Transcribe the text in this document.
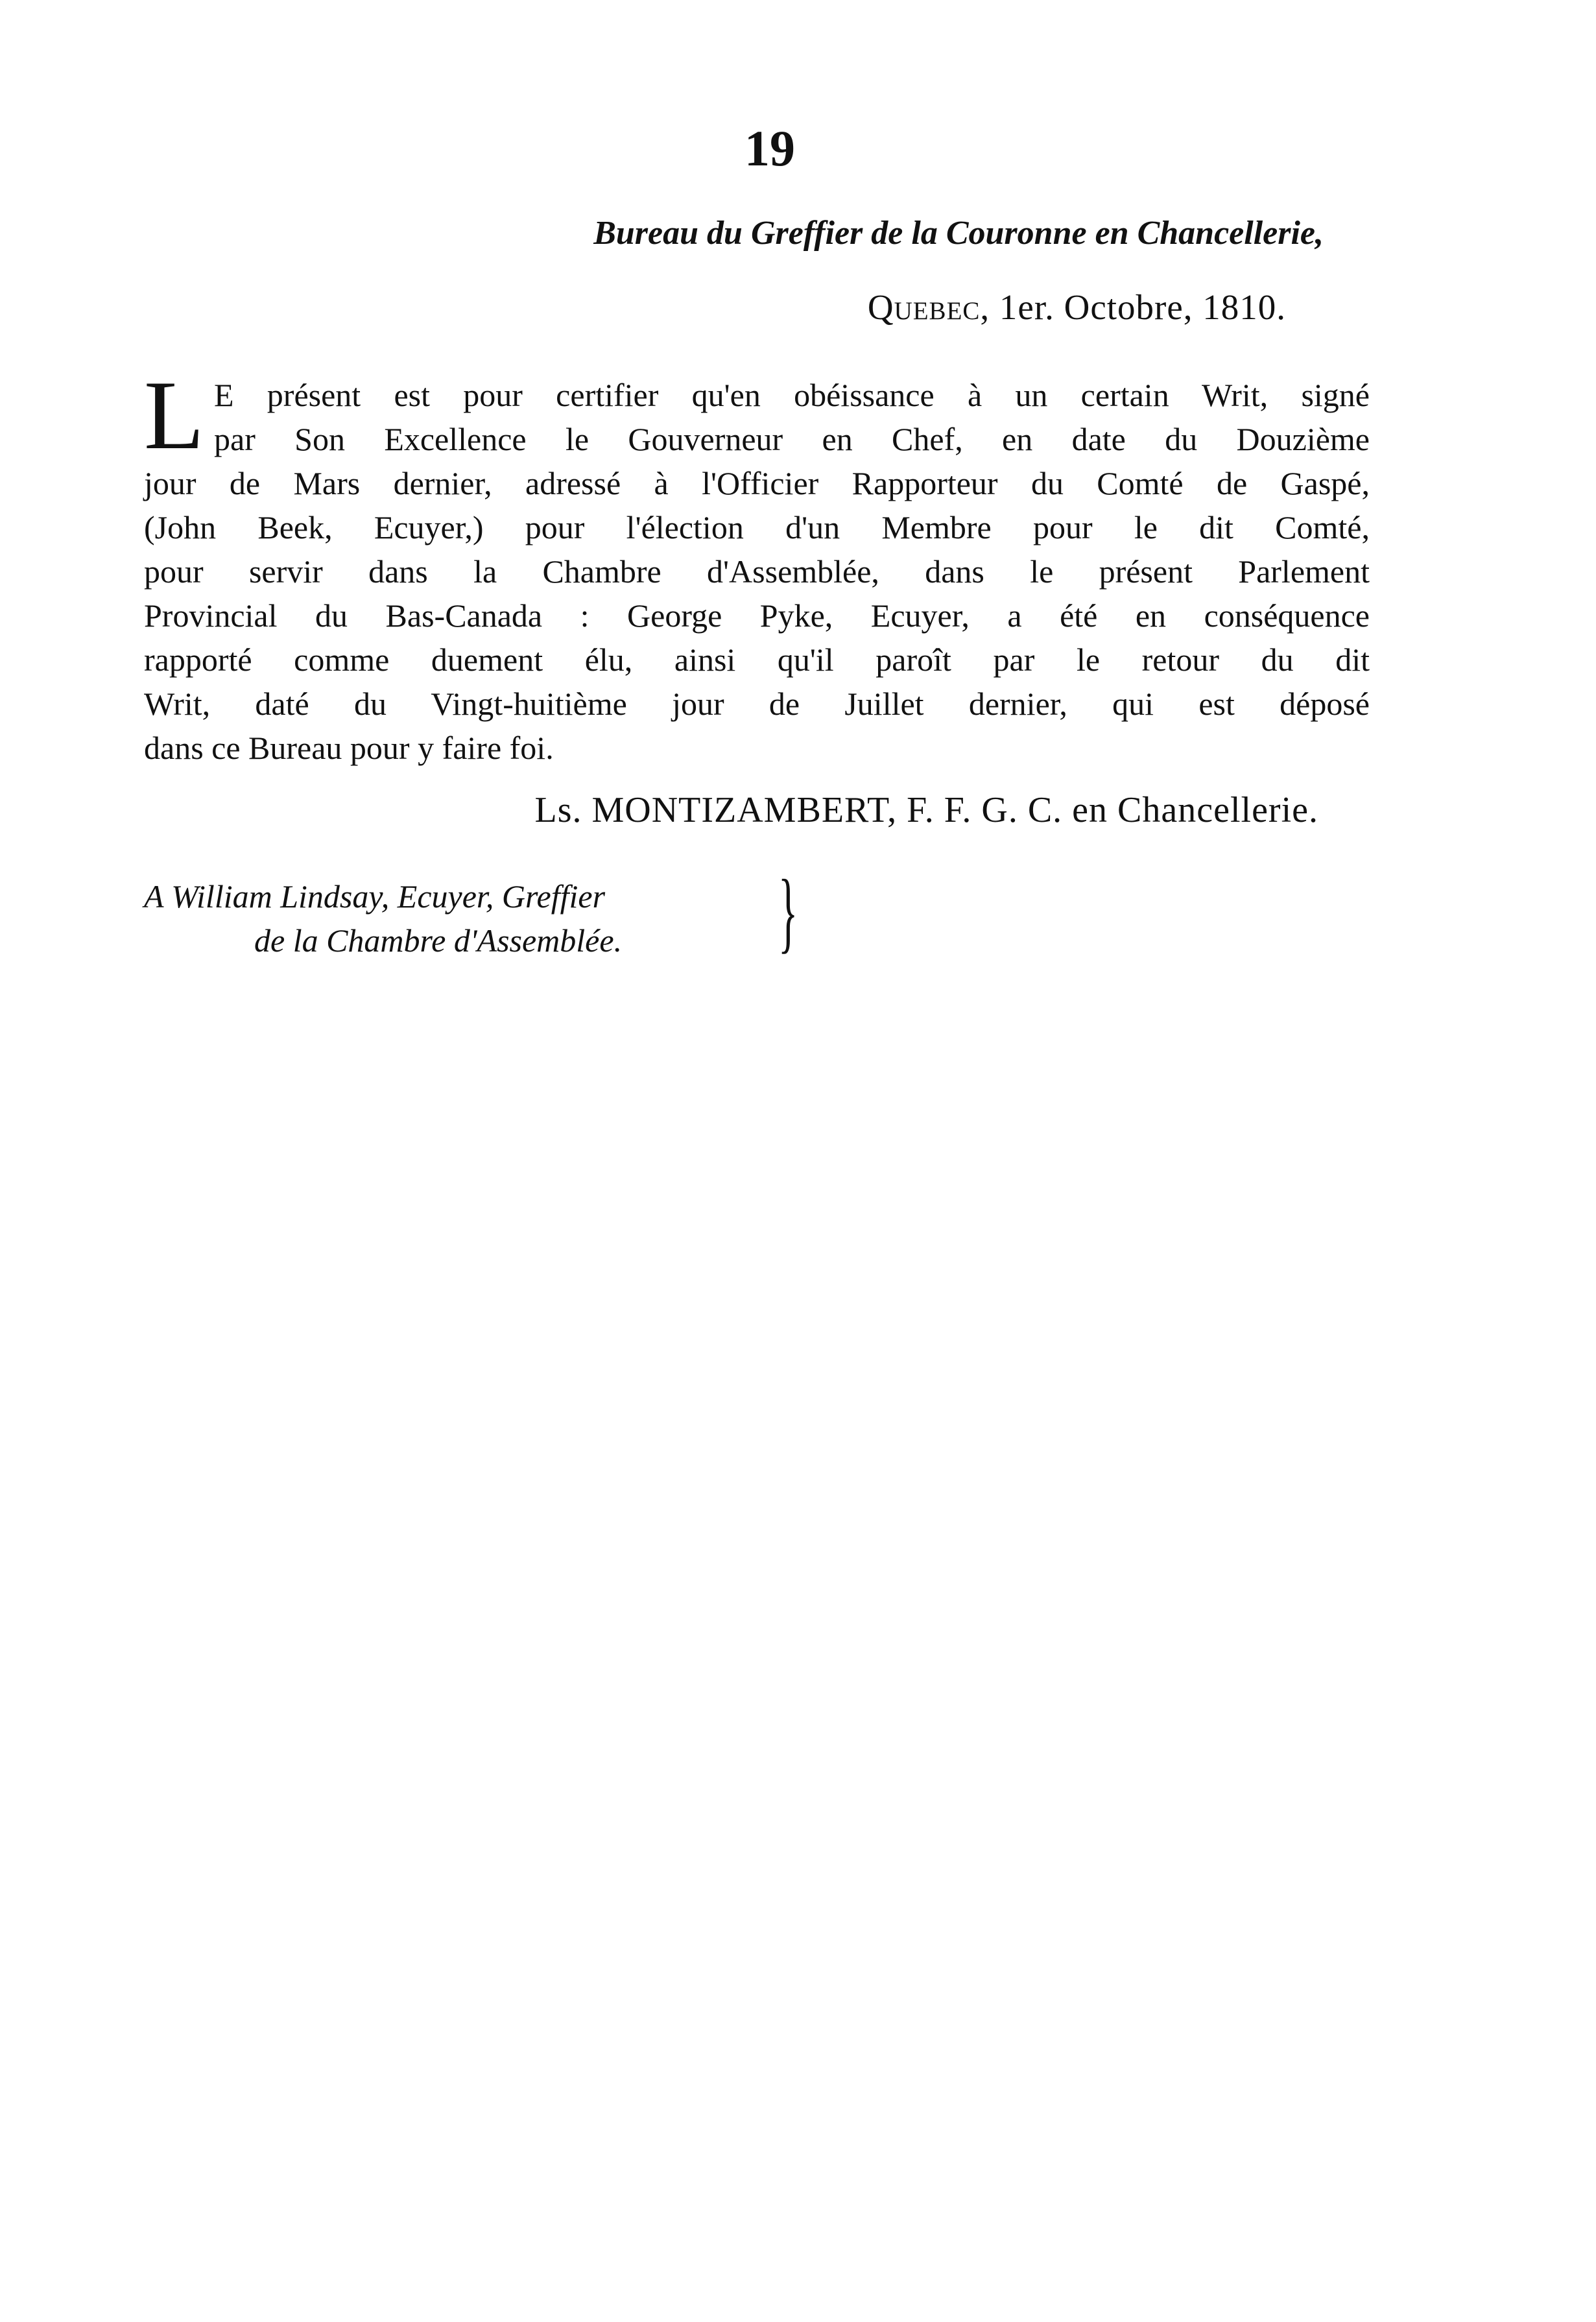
19
Bureau du Greffier de la Couronne en Chancellerie,
Quebec, 1er. Octobre, 1810.
L E présent est pour certifier qu'en obéissance à un certain Writ, signé
par Son Excellence le Gouverneur en Chef, en date du Douzième
jour de Mars dernier, adressé à l'Officier Rapporteur du Comté de Gaspé,
(John Beek, Ecuyer,) pour l'élection d'un Membre pour le dit Comté,
pour servir dans la Chambre d'Assemblée, dans le présent Parlement
Provincial du Bas-Canada : George Pyke, Ecuyer, a été en conséquence
rapporté comme duement élu, ainsi qu'il paroît par le retour du dit
Writ, daté du Vingt-huitième jour de Juillet dernier, qui est déposé
dans ce Bureau pour y faire foi.
Ls. MONTIZAMBERT, F. F. G. C. en Chancellerie.
A William Lindsay, Ecuyer, Greffier
de la Chambre d'Assemblée. }
